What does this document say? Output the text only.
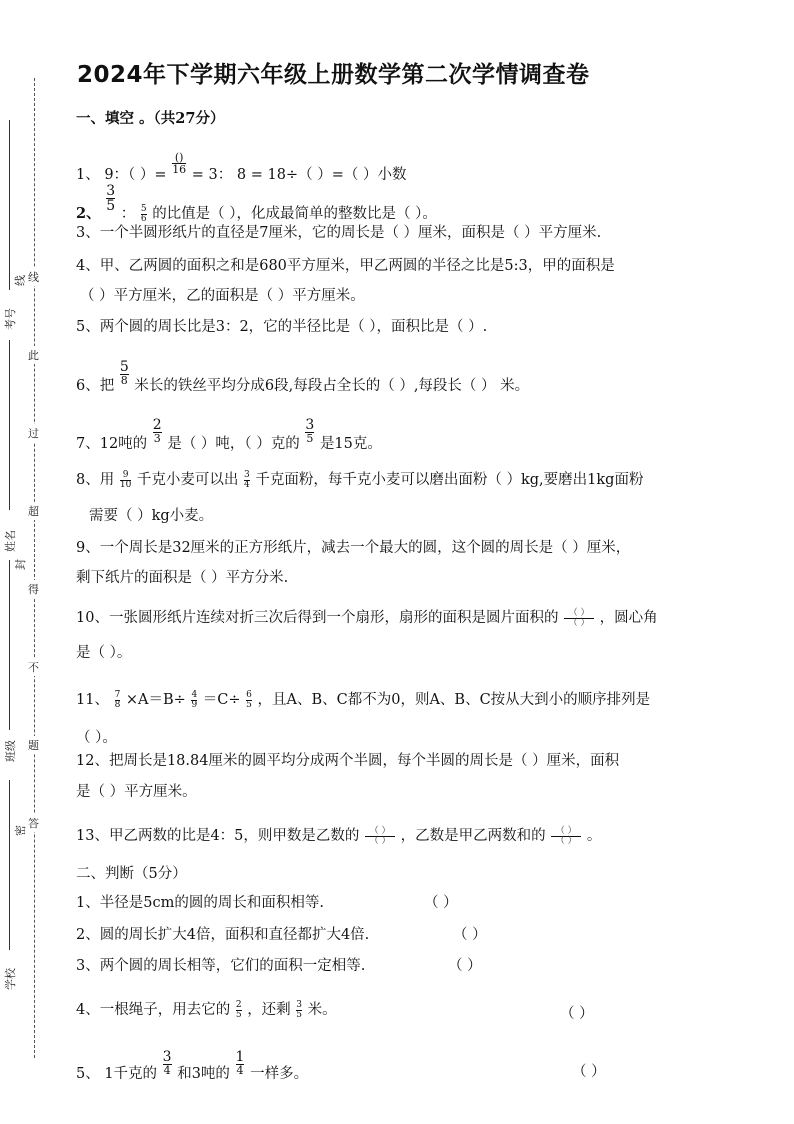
考号
姓名
班级
学校
线
封
密
线
此
过
超
得
不
题
答
2024年下学期六年级上册数学第二次学情调查卷
一、填空 。（共27分）
1、 9：（ ）= $\frac{()}{16} = 3$： 8 = 18÷（ ）=（ ）小数
2、
$\frac{3}{5}$
： $\frac{5}{6}$ 的比值是（ ），化成最简单的整数比是（ ）。
3、一个半圆形纸片的直径是7厘米，它的周长是（ ）厘米，面积是（ ）平方厘米.
4、甲、乙两圆的面积之和是680平方厘米，甲乙两圆的半径之比是5:3，甲的面积是
（ ）平方厘米，乙的面积是（ ）平方厘米。
5、两个圆的周长比是3：2，它的半径比是（ ），面积比是（ ）.
6、把 $\frac{5}{8}$ 米长的铁丝平均分成6段,每段占全长的（ ）,每段长（ ） 米。
7、12吨的 $\frac{2}{3}$ 是（ ）吨，（ ）克的 $\frac{3}{5}$ 是15克。
8、用 $\frac{9}{10}$ 千克小麦可以出 $\frac{3}{4}$ 千克面粉，每千克小麦可以磨出面粉（ ）kg,要磨出1kg面粉
需要（ ）kg小麦。
9、一个周长是32厘米的正方形纸片，减去一个最大的圆，这个圆的周长是（ ）厘米，
剩下纸片的面积是（ ）平方分米.
10、一张圆形纸片连续对折三次后得到一个扇形，扇形的面积是圆片面积的 $\frac{( )}{( )}$ ，圆心角
是（ ）。
11、 $\frac{7}{8} \times A=B\div \frac{4}{9} =C\div \frac{6}{5}$ ，且A、B、C都不为0，则A、B、C按从大到小的顺序排列是
（ ）。
12、把周长是18.84厘米的圆平均分成两个半圆，每个半圆的周长是（ ）厘米，面积
是（ ）平方厘米。
13、甲乙两数的比是4：5，则甲数是乙数的 $\frac{( )}{( )}$ ，乙数是甲乙两数和的 $\frac{( )}{( )}$ 。
二、判断（5分）
1、半径是5cm的圆的周长和面积相等.	（ ）
2、圆的周长扩大4倍，面积和直径都扩大4倍.	（ ）
3、两个圆的周长相等，它们的面积一定相等.	（ ）
4、一根绳子，用去它的 $\frac{2}{5}$ ，还剩 $\frac{3}{5}$ 米。	（ ）
5、 1千克的 $\frac{3}{4}$ 和3吨的 $\frac{1}{4}$ 一样多。	（ ）
